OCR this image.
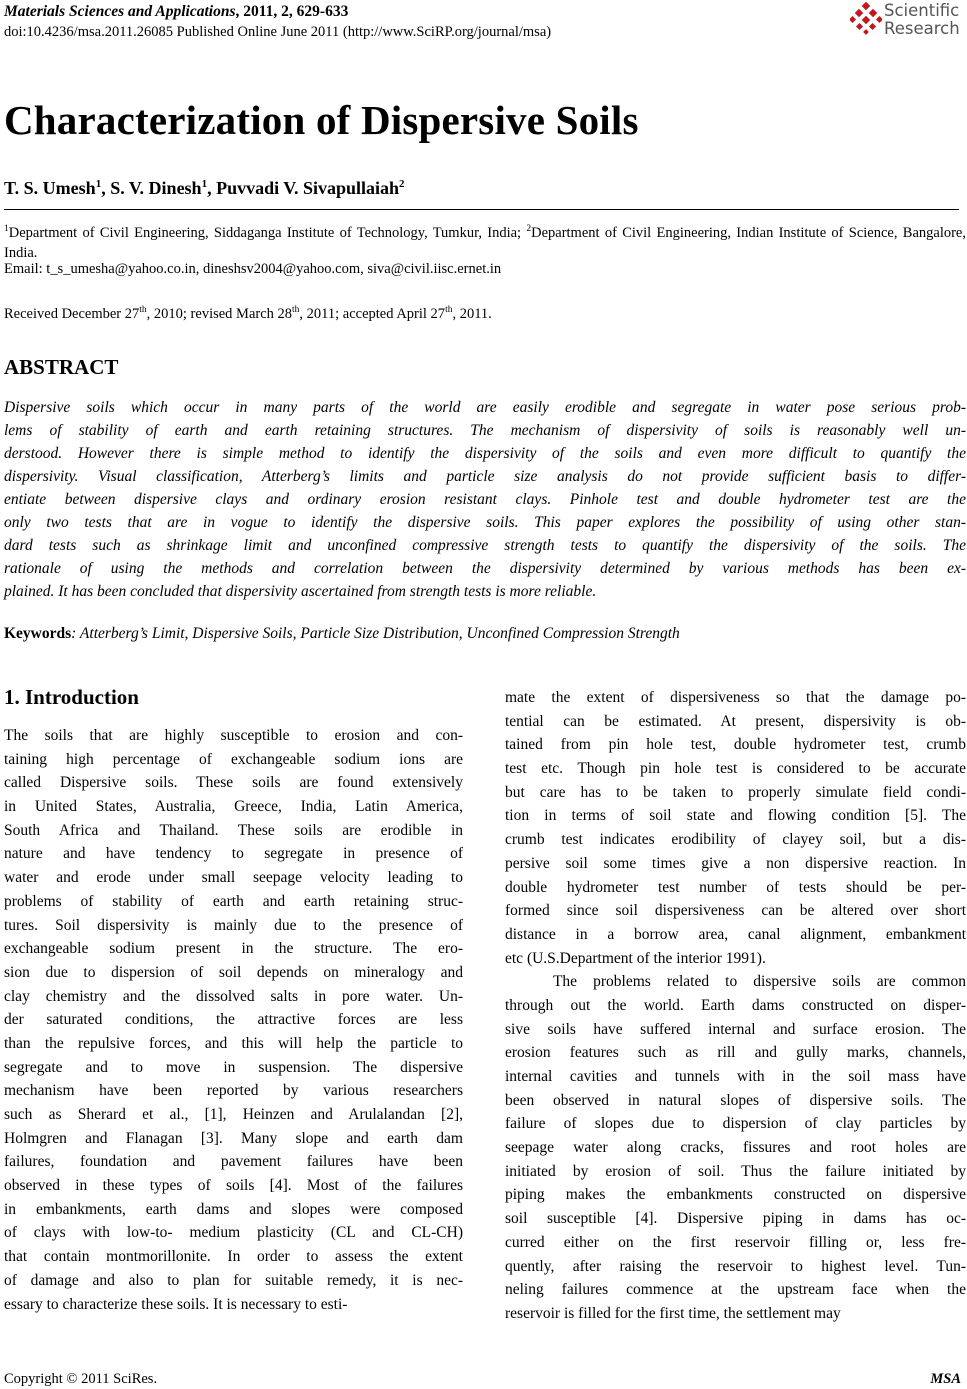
Materials Sciences and Applications, 2011, 2, 629-633
doi:10.4236/msa.2011.26085 Published Online June 2011 (http://www.SciRP.org/journal/msa)
Scientific
Research
Characterization of Dispersive Soils
T. S. Umesh$^1$, S. V. Dinesh$^1$, Puvvadi V. Sivapullaiah$^2$
$^1$Department of Civil Engineering, Siddaganga Institute of Technology, Tumkur, India; $^2$Department of Civil Engineering, Indian Institute of Science, Bangalore, India.
Email: t_s_umesha@yahoo.co.in, dineshsv2004@yahoo.com, siva@civil.iisc.ernet.in
Received December 27th, 2010; revised March 28th, 2011; accepted April 27th, 2011.
ABSTRACT
Dispersive soils which occur in many parts of the world are easily erodible and segregate in water pose serious prob-
lems of stability of earth and earth retaining structures. The mechanism of dispersivity of soils is reasonably well un-
derstood. However there is simple method to identify the dispersivity of the soils and even more difficult to quantify the
dispersivity. Visual classification, Atterberg’s limits and particle size analysis do not provide sufficient basis to differ-
entiate between dispersive clays and ordinary erosion resistant clays. Pinhole test and double hydrometer test are the
only two tests that are in vogue to identify the dispersive soils. This paper explores the possibility of using other stan-
dard tests such as shrinkage limit and unconfined compressive strength tests to quantify the dispersivity of the soils. The
rationale of using the methods and correlation between the dispersivity determined by various methods has been ex-
plained. It has been concluded that dispersivity ascertained from strength tests is more reliable.
Keywords: Atterberg’s Limit, Dispersive Soils, Particle Size Distribution, Unconfined Compression Strength
1. Introduction
The soils that are highly susceptible to erosion and con-
taining high percentage of exchangeable sodium ions are
called Dispersive soils. These soils are found extensively
in United States, Australia, Greece, India, Latin America,
South Africa and Thailand. These soils are erodible in
nature and have tendency to segregate in presence of
water and erode under small seepage velocity leading to
problems of stability of earth and earth retaining struc-
tures. Soil dispersivity is mainly due to the presence of
exchangeable sodium present in the structure. The ero-
sion due to dispersion of soil depends on mineralogy and
clay chemistry and the dissolved salts in pore water. Un-
der saturated conditions, the attractive forces are less
than the repulsive forces, and this will help the particle to
segregate and to move in suspension. The dispersive
mechanism have been reported by various researchers
such as Sherard et al., [1], Heinzen and Arulalandan [2],
Holmgren and Flanagan [3]. Many slope and earth dam
failures, foundation and pavement failures have been
observed in these types of soils [4]. Most of the failures
in embankments, earth dams and slopes were composed
of clays with low-to- medium plasticity (CL and CL-CH)
that contain montmorillonite. In order to assess the extent
of damage and also to plan for suitable remedy, it is nec-
essary to characterize these soils. It is necessary to esti-
mate the extent of dispersiveness so that the damage po-
tential can be estimated. At present, dispersivity is ob-
tained from pin hole test, double hydrometer test, crumb
test etc. Though pin hole test is considered to be accurate
but care has to be taken to properly simulate field condi-
tion in terms of soil state and flowing condition [5]. The
crumb test indicates erodibility of clayey soil, but a dis-
persive soil some times give a non dispersive reaction. In
double hydrometer test number of tests should be per-
formed since soil dispersiveness can be altered over short
distance in a borrow area, canal alignment, embankment
etc (U.S.Department of the interior 1991).
The problems related to dispersive soils are common
through out the world. Earth dams constructed on disper-
sive soils have suffered internal and surface erosion. The
erosion features such as rill and gully marks, channels,
internal cavities and tunnels with in the soil mass have
been observed in natural slopes of dispersive soils. The
failure of slopes due to dispersion of clay particles by
seepage water along cracks, fissures and root holes are
initiated by erosion of soil. Thus the failure initiated by
piping makes the embankments constructed on dispersive
soil susceptible [4]. Dispersive piping in dams has oc-
curred either on the first reservoir filling or, less fre-
quently, after raising the reservoir to highest level. Tun-
neling failures commence at the upstream face when the
reservoir is filled for the first time, the settlement may
Copyright © 2011 SciRes.	MSA
